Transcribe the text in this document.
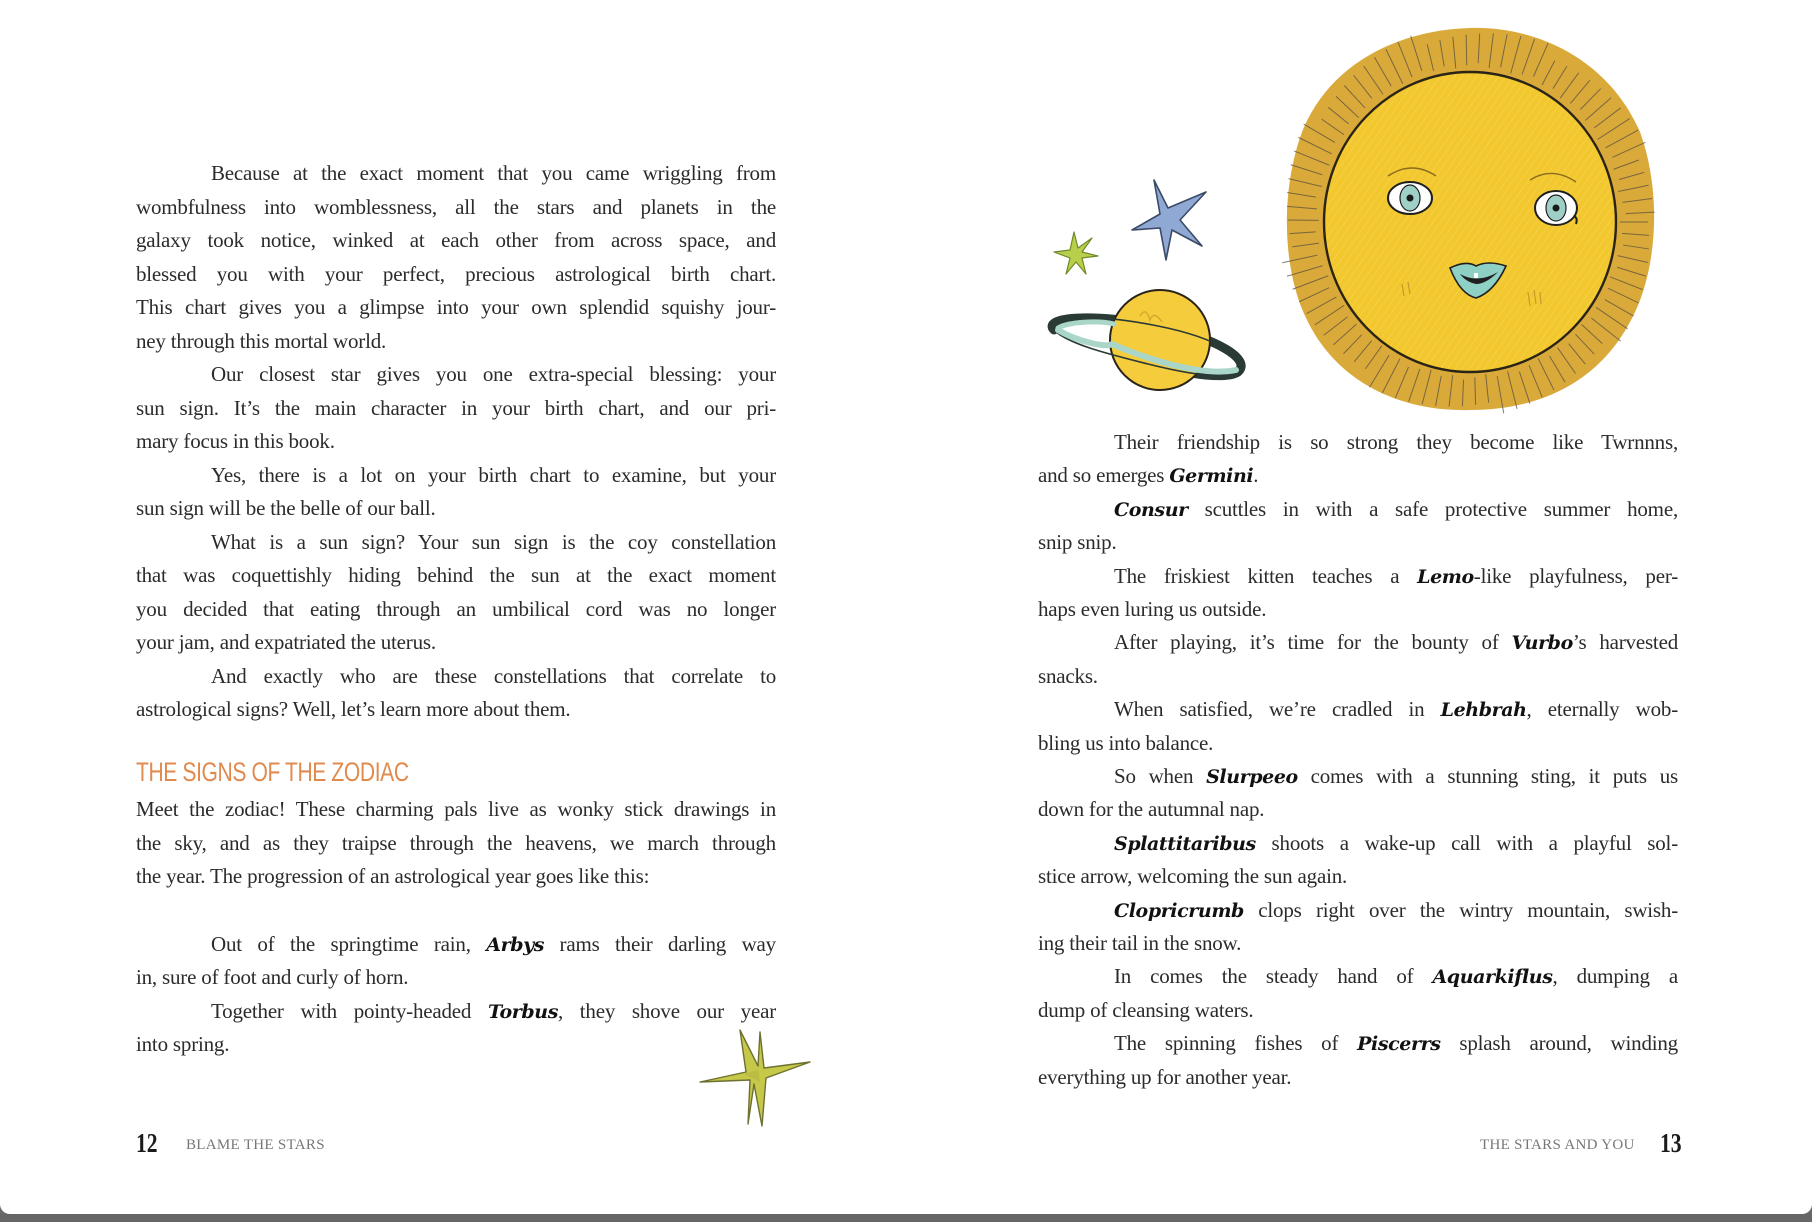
Because at the exact moment that you came wriggling from
wombfulness into womblessness, all the stars and planets in the
galaxy took notice, winked at each other from across space, and
blessed you with your perfect, precious astrological birth chart.
This chart gives you a glimpse into your own splendid squishy jour-
ney through this mortal world.
Our closest star gives you one extra-special blessing: your
sun sign. It’s the main character in your birth chart, and our pri-
mary focus in this book.
Yes, there is a lot on your birth chart to examine, but your
sun sign will be the belle of our ball.
What is a sun sign? Your sun sign is the coy constellation
that was coquettishly hiding behind the sun at the exact moment
you decided that eating through an umbilical cord was no longer
your jam, and expatriated the uterus.
And exactly who are these constellations that correlate to
astrological signs? Well, let’s learn more about them.
THE SIGNS OF THE ZODIAC
Meet the zodiac! These charming pals live as wonky stick drawings in
the sky, and as they traipse through the heavens, we march through
the year. The progression of an astrological year goes like this:
Out of the springtime rain, Arbys rams their darling way
in, sure of foot and curly of horn.
Together with pointy-headed Torbus, they shove our year
into spring.
12 BLAME THE STARS
Their friendship is so strong they become like Twrnnns,
and so emerges Germini.
Consur scuttles in with a safe protective summer home,
snip snip.
The friskiest kitten teaches a Lemo-like playfulness, per-
haps even luring us outside.
After playing, it’s time for the bounty of Vurbo’s harvested
snacks.
When satisfied, we’re cradled in Lehbrah, eternally wob-
bling us into balance.
So when Slurpeeo comes with a stunning sting, it puts us
down for the autumnal nap.
Splattitaribus shoots a wake-up call with a playful sol-
stice arrow, welcoming the sun again.
Clopricrumb clops right over the wintry mountain, swish-
ing their tail in the snow.
In comes the steady hand of Aquarkiflus, dumping a
dump of cleansing waters.
The spinning fishes of Piscerrs splash around, winding
everything up for another year.
THE STARS AND YOU 13
